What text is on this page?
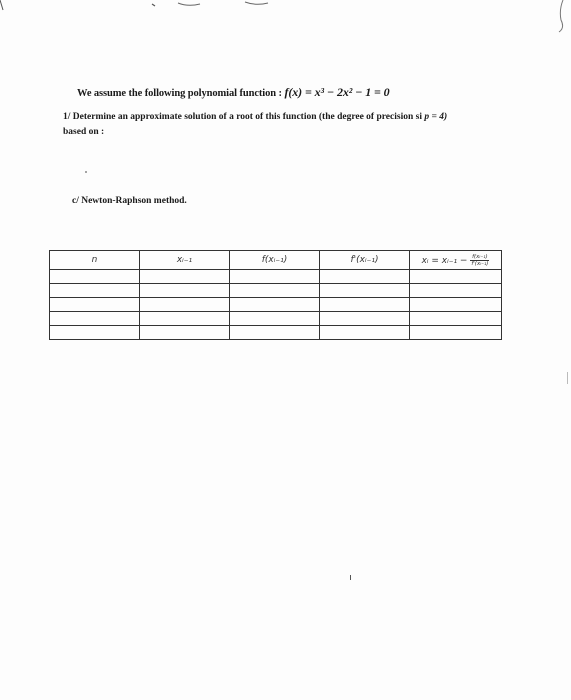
We assume the following polynomial function : f(x) = x³ − 2x² − 1 = 0
1/ Determine an approximate solution of a root of this function (the degree of precision si p = 4)
based on :
c/ Newton-Raphson method.
n	xᵢ₋₁	f(xᵢ₋₁)	f'(xᵢ₋₁)	xᵢ = xᵢ₋₁ − $\frac{\text{f(xᵢ₋₁)}}{\text{f'(xᵢ₋₁)}}$
